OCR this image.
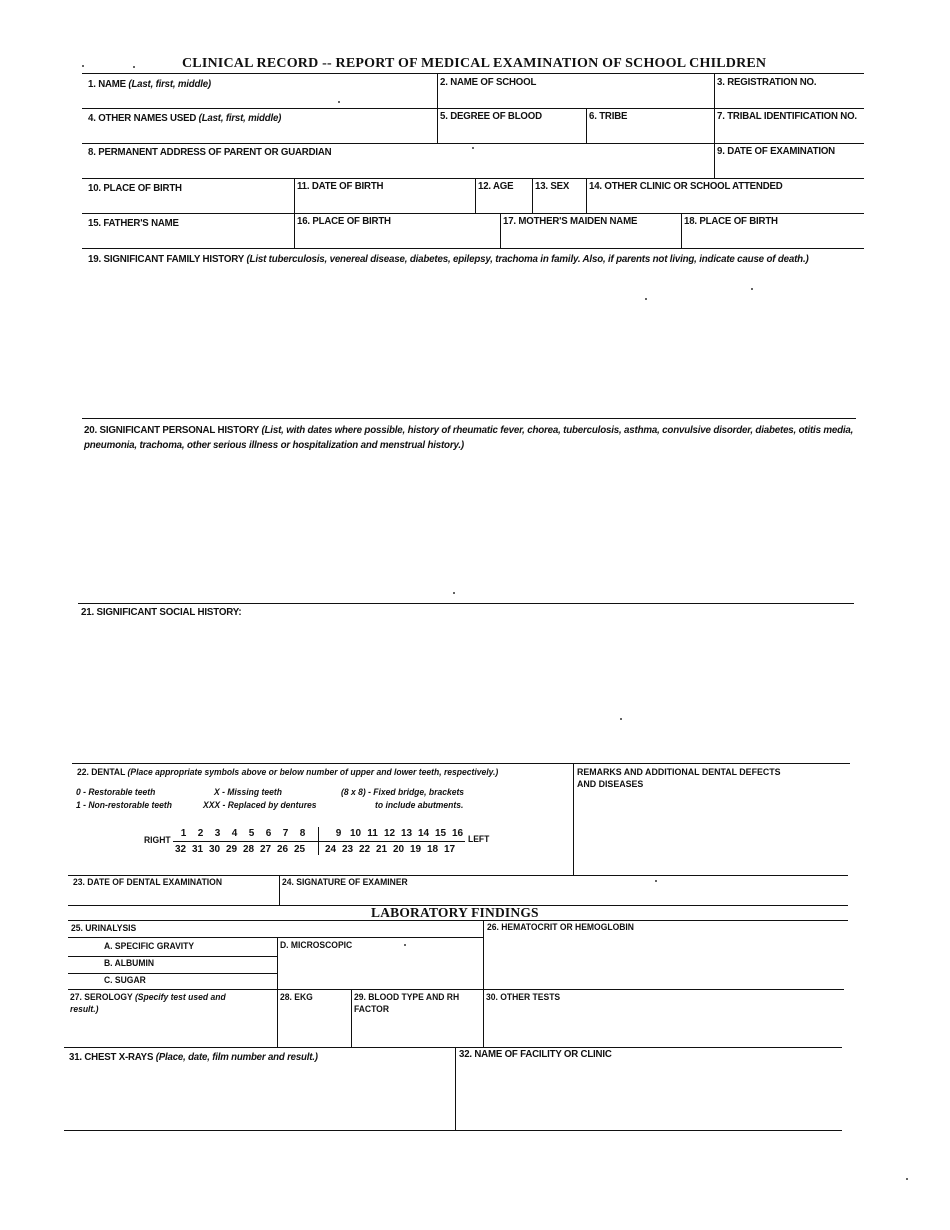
CLINICAL RECORD -- REPORT OF MEDICAL EXAMINATION OF SCHOOL CHILDREN
1. NAME (Last, first, middle)	2. NAME OF SCHOOL	3. REGISTRATION NO.
4. OTHER NAMES USED (Last, first, middle)	5. DEGREE OF BLOOD	6. TRIBE	7. TRIBAL IDENTIFICATION NO.
8. PERMANENT ADDRESS OF PARENT OR GUARDIAN	9. DATE OF EXAMINATION
10. PLACE OF BIRTH	11. DATE OF BIRTH	12. AGE 13. SEX 14. OTHER CLINIC OR SCHOOL ATTENDED
15. FATHER'S NAME	16. PLACE OF BIRTH	17. MOTHER'S MAIDEN NAME	18. PLACE OF BIRTH
19. SIGNIFICANT FAMILY HISTORY (List tuberculosis, venereal disease, diabetes, epilepsy, trachoma in family. Also, if parents not living, indicate cause of death.)
20. SIGNIFICANT PERSONAL HISTORY (List, with dates where possible, history of rheumatic fever, chorea, tuberculosis, asthma, convulsive disorder, diabetes, otitis media, pneumonia, trachoma, other serious illness or hospitalization and menstrual history.)
21. SIGNIFICANT SOCIAL HISTORY:
22. DENTAL (Place appropriate symbols above or below number of upper and lower teeth, respectively.)
0 - Restorable teeth	X - Missing teeth	(8 x 8) - Fixed bridge, brackets
1 - Non-restorable teeth	XXX - Replaced by dentures	to include abutments.
RIGHT	LEFT
1 2 3 4 5 6 7 8	9 10 11 12 13 14 15 16
32 31 30 29 28 27 26 25 24 23 22 21 20 19 18 17
REMARKS AND ADDITIONAL DENTAL DEFECTS AND DISEASES
23. DATE OF DENTAL EXAMINATION	24. SIGNATURE OF EXAMINER
LABORATORY FINDINGS
25. URINALYSIS	26. HEMATOCRIT OR HEMOGLOBIN
A. SPECIFIC GRAVITY	D. MICROSCOPIC
B. ALBUMIN
C. SUGAR
27. SEROLOGY (Specify test used and result.)
28. EKG	29. BLOOD TYPE AND RH FACTOR
30. OTHER TESTS
31. CHEST X-RAYS (Place, date, film number and result.)	32. NAME OF FACILITY OR CLINIC
